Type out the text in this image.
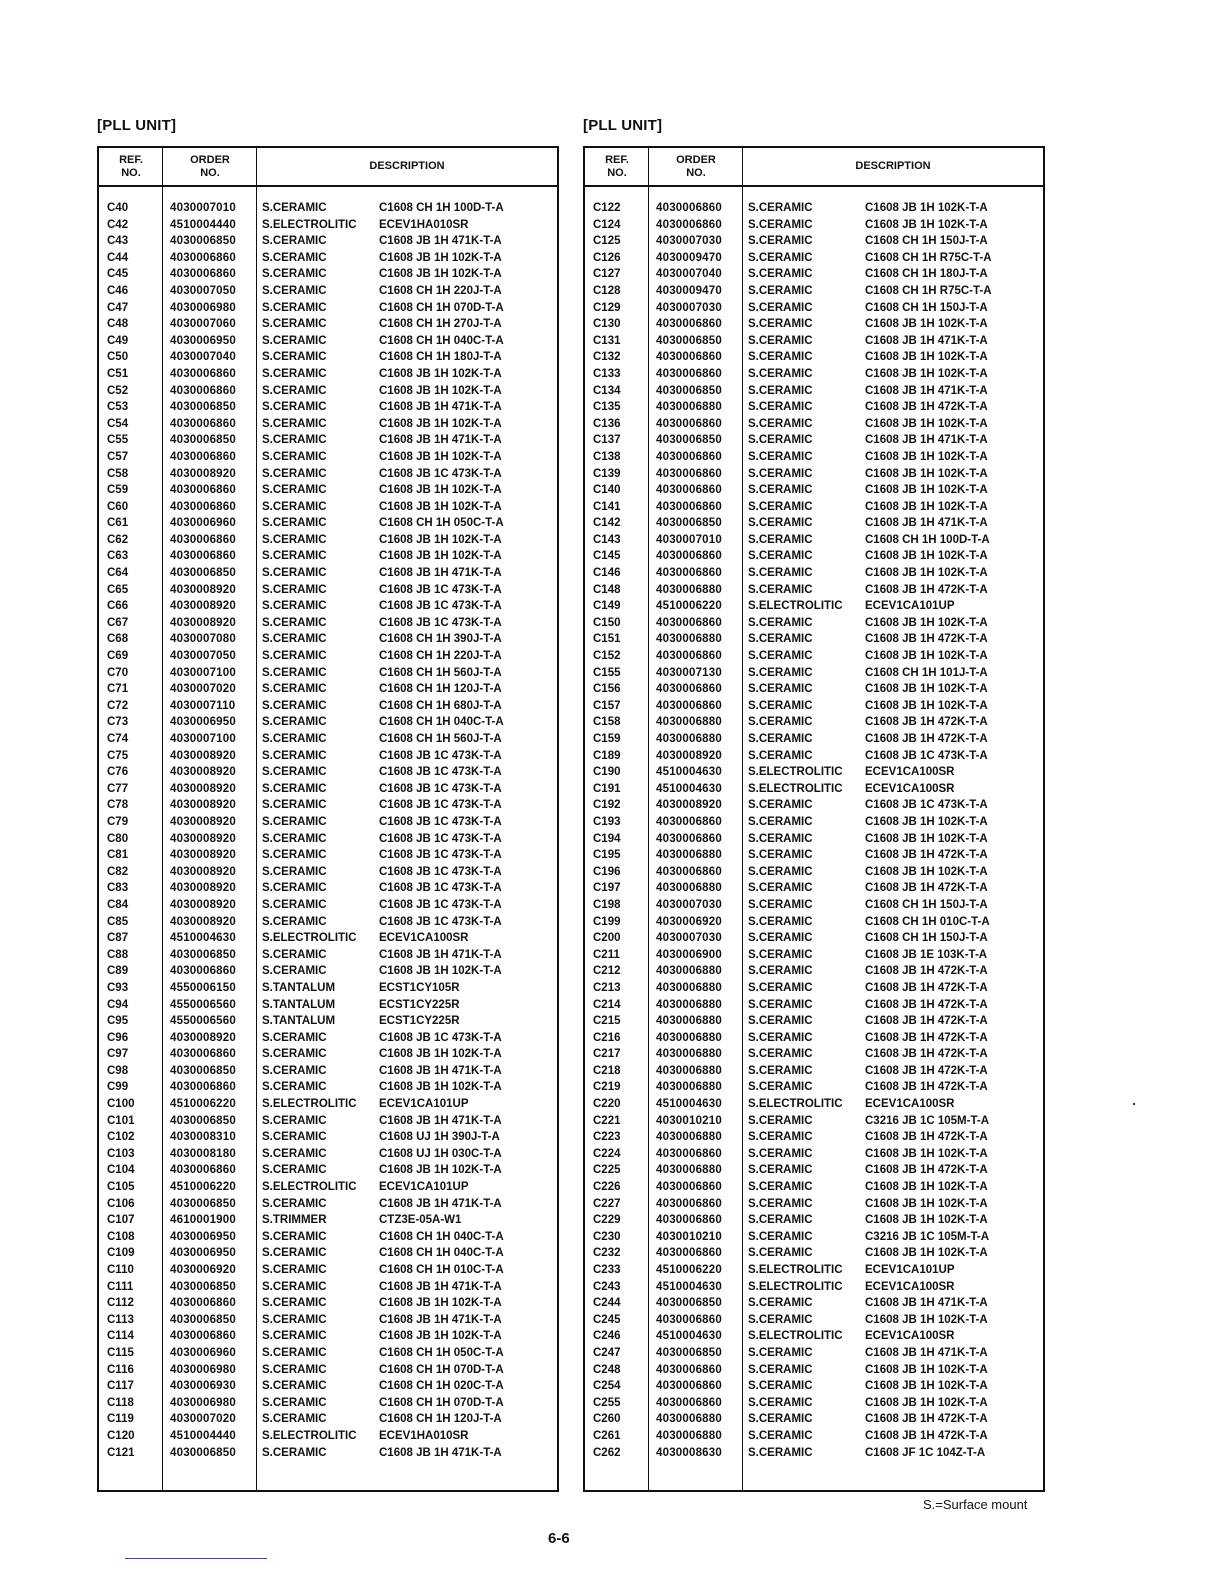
[PLL UNIT]	[PLL UNIT]
REF.
NO.
ORDER
NO.
DESCRIPTION
C40	4030007010 S.CERAMIC	C1608 CH 1H 100D-T-A
C42	4510004440 S.ELECTROLITIC ECEV1HA010SR
C43	4030006850 S.CERAMIC	C1608 JB 1H 471K-T-A
C44	4030006860 S.CERAMIC	C1608 JB 1H 102K-T-A
C45	4030006860 S.CERAMIC	C1608 JB 1H 102K-T-A
C46	4030007050 S.CERAMIC	C1608 CH 1H 220J-T-A
C47	4030006980 S.CERAMIC	C1608 CH 1H 070D-T-A
C48	4030007060 S.CERAMIC	C1608 CH 1H 270J-T-A
C49	4030006950 S.CERAMIC	C1608 CH 1H 040C-T-A
C50	4030007040 S.CERAMIC	C1608 CH 1H 180J-T-A
C51	4030006860 S.CERAMIC	C1608 JB 1H 102K-T-A
C52	4030006860 S.CERAMIC	C1608 JB 1H 102K-T-A
C53	4030006850 S.CERAMIC	C1608 JB 1H 471K-T-A
C54	4030006860 S.CERAMIC	C1608 JB 1H 102K-T-A
C55	4030006850 S.CERAMIC	C1608 JB 1H 471K-T-A
C57	4030006860 S.CERAMIC	C1608 JB 1H 102K-T-A
C58	4030008920 S.CERAMIC	C1608 JB 1C 473K-T-A
C59	4030006860 S.CERAMIC	C1608 JB 1H 102K-T-A
C60	4030006860 S.CERAMIC	C1608 JB 1H 102K-T-A
C61	4030006960 S.CERAMIC	C1608 CH 1H 050C-T-A
C62	4030006860 S.CERAMIC	C1608 JB 1H 102K-T-A
C63	4030006860 S.CERAMIC	C1608 JB 1H 102K-T-A
C64	4030006850 S.CERAMIC	C1608 JB 1H 471K-T-A
C65	4030008920 S.CERAMIC	C1608 JB 1C 473K-T-A
C66	4030008920 S.CERAMIC	C1608 JB 1C 473K-T-A
C67	4030008920 S.CERAMIC	C1608 JB 1C 473K-T-A
C68	4030007080 S.CERAMIC	C1608 CH 1H 390J-T-A
C69	4030007050 S.CERAMIC	C1608 CH 1H 220J-T-A
C70	4030007100 S.CERAMIC	C1608 CH 1H 560J-T-A
C71	4030007020 S.CERAMIC	C1608 CH 1H 120J-T-A
C72	4030007110 S.CERAMIC	C1608 CH 1H 680J-T-A
C73	4030006950 S.CERAMIC	C1608 CH 1H 040C-T-A
C74	4030007100 S.CERAMIC	C1608 CH 1H 560J-T-A
C75	4030008920 S.CERAMIC	C1608 JB 1C 473K-T-A
C76	4030008920 S.CERAMIC	C1608 JB 1C 473K-T-A
C77	4030008920 S.CERAMIC	C1608 JB 1C 473K-T-A
C78	4030008920 S.CERAMIC	C1608 JB 1C 473K-T-A
C79	4030008920 S.CERAMIC	C1608 JB 1C 473K-T-A
C80	4030008920 S.CERAMIC	C1608 JB 1C 473K-T-A
C81	4030008920 S.CERAMIC	C1608 JB 1C 473K-T-A
C82	4030008920 S.CERAMIC	C1608 JB 1C 473K-T-A
C83	4030008920 S.CERAMIC	C1608 JB 1C 473K-T-A
C84	4030008920 S.CERAMIC	C1608 JB 1C 473K-T-A
C85	4030008920 S.CERAMIC	C1608 JB 1C 473K-T-A
C87	4510004630 S.ELECTROLITIC ECEV1CA100SR
C88	4030006850 S.CERAMIC	C1608 JB 1H 471K-T-A
C89	4030006860 S.CERAMIC	C1608 JB 1H 102K-T-A
C93	4550006150 S.TANTALUM	ECST1CY105R
C94	4550006560 S.TANTALUM	ECST1CY225R
C95	4550006560 S.TANTALUM	ECST1CY225R
C96	4030008920 S.CERAMIC	C1608 JB 1C 473K-T-A
C97	4030006860 S.CERAMIC	C1608 JB 1H 102K-T-A
C98	4030006850 S.CERAMIC	C1608 JB 1H 471K-T-A
C99	4030006860 S.CERAMIC	C1608 JB 1H 102K-T-A
C100	4510006220 S.ELECTROLITIC ECEV1CA101UP
C101	4030006850 S.CERAMIC	C1608 JB 1H 471K-T-A
C102	4030008310 S.CERAMIC	C1608 UJ 1H 390J-T-A
C103	4030008180 S.CERAMIC	C1608 UJ 1H 030C-T-A
C104	4030006860 S.CERAMIC	C1608 JB 1H 102K-T-A
C105	4510006220 S.ELECTROLITIC ECEV1CA101UP
C106	4030006850 S.CERAMIC	C1608 JB 1H 471K-T-A
C107	4610001900 S.TRIMMER	CTZ3E-05A-W1
C108	4030006950 S.CERAMIC	C1608 CH 1H 040C-T-A
C109	4030006950 S.CERAMIC	C1608 CH 1H 040C-T-A
C110	4030006920 S.CERAMIC	C1608 CH 1H 010C-T-A
C111	4030006850 S.CERAMIC	C1608 JB 1H 471K-T-A
C112	4030006860 S.CERAMIC	C1608 JB 1H 102K-T-A
C113	4030006850 S.CERAMIC	C1608 JB 1H 471K-T-A
C114	4030006860 S.CERAMIC	C1608 JB 1H 102K-T-A
C115	4030006960 S.CERAMIC	C1608 CH 1H 050C-T-A
C116	4030006980 S.CERAMIC	C1608 CH 1H 070D-T-A
C117	4030006930 S.CERAMIC	C1608 CH 1H 020C-T-A
C118	4030006980 S.CERAMIC	C1608 CH 1H 070D-T-A
C119	4030007020 S.CERAMIC	C1608 CH 1H 120J-T-A
C120	4510004440 S.ELECTROLITIC ECEV1HA010SR
C121	4030006850 S.CERAMIC	C1608 JB 1H 471K-T-A
REF.
NO.
ORDER
NO.
DESCRIPTION
C122	4030006860 S.CERAMIC	C1608 JB 1H 102K-T-A
C124	4030006860 S.CERAMIC	C1608 JB 1H 102K-T-A
C125	4030007030 S.CERAMIC	C1608 CH 1H 150J-T-A
C126	4030009470 S.CERAMIC	C1608 CH 1H R75C-T-A
C127	4030007040 S.CERAMIC	C1608 CH 1H 180J-T-A
C128	4030009470 S.CERAMIC	C1608 CH 1H R75C-T-A
C129	4030007030 S.CERAMIC	C1608 CH 1H 150J-T-A
C130	4030006860 S.CERAMIC	C1608 JB 1H 102K-T-A
C131	4030006850 S.CERAMIC	C1608 JB 1H 471K-T-A
C132	4030006860 S.CERAMIC	C1608 JB 1H 102K-T-A
C133	4030006860 S.CERAMIC	C1608 JB 1H 102K-T-A
C134	4030006850 S.CERAMIC	C1608 JB 1H 471K-T-A
C135	4030006880 S.CERAMIC	C1608 JB 1H 472K-T-A
C136	4030006860 S.CERAMIC	C1608 JB 1H 102K-T-A
C137	4030006850 S.CERAMIC	C1608 JB 1H 471K-T-A
C138	4030006860 S.CERAMIC	C1608 JB 1H 102K-T-A
C139	4030006860 S.CERAMIC	C1608 JB 1H 102K-T-A
C140	4030006860 S.CERAMIC	C1608 JB 1H 102K-T-A
C141	4030006860 S.CERAMIC	C1608 JB 1H 102K-T-A
C142	4030006850 S.CERAMIC	C1608 JB 1H 471K-T-A
C143	4030007010 S.CERAMIC	C1608 CH 1H 100D-T-A
C145	4030006860 S.CERAMIC	C1608 JB 1H 102K-T-A
C146	4030006860 S.CERAMIC	C1608 JB 1H 102K-T-A
C148	4030006880 S.CERAMIC	C1608 JB 1H 472K-T-A
C149	4510006220 S.ELECTROLITIC ECEV1CA101UP
C150	4030006860 S.CERAMIC	C1608 JB 1H 102K-T-A
C151	4030006880 S.CERAMIC	C1608 JB 1H 472K-T-A
C152	4030006860 S.CERAMIC	C1608 JB 1H 102K-T-A
C155	4030007130 S.CERAMIC	C1608 CH 1H 101J-T-A
C156	4030006860 S.CERAMIC	C1608 JB 1H 102K-T-A
C157	4030006860 S.CERAMIC	C1608 JB 1H 102K-T-A
C158	4030006880 S.CERAMIC	C1608 JB 1H 472K-T-A
C159	4030006880 S.CERAMIC	C1608 JB 1H 472K-T-A
C189	4030008920 S.CERAMIC	C1608 JB 1C 473K-T-A
C190	4510004630 S.ELECTROLITIC ECEV1CA100SR
C191	4510004630 S.ELECTROLITIC ECEV1CA100SR
C192	4030008920 S.CERAMIC	C1608 JB 1C 473K-T-A
C193	4030006860 S.CERAMIC	C1608 JB 1H 102K-T-A
C194	4030006860 S.CERAMIC	C1608 JB 1H 102K-T-A
C195	4030006880 S.CERAMIC	C1608 JB 1H 472K-T-A
C196	4030006860 S.CERAMIC	C1608 JB 1H 102K-T-A
C197	4030006880 S.CERAMIC	C1608 JB 1H 472K-T-A
C198	4030007030 S.CERAMIC	C1608 CH 1H 150J-T-A
C199	4030006920 S.CERAMIC	C1608 CH 1H 010C-T-A
C200	4030007030 S.CERAMIC	C1608 CH 1H 150J-T-A
C211	4030006900 S.CERAMIC	C1608 JB 1E 103K-T-A
C212	4030006880 S.CERAMIC	C1608 JB 1H 472K-T-A
C213	4030006880 S.CERAMIC	C1608 JB 1H 472K-T-A
C214	4030006880 S.CERAMIC	C1608 JB 1H 472K-T-A
C215	4030006880 S.CERAMIC	C1608 JB 1H 472K-T-A
C216	4030006880 S.CERAMIC	C1608 JB 1H 472K-T-A
C217	4030006880 S.CERAMIC	C1608 JB 1H 472K-T-A
C218	4030006880 S.CERAMIC	C1608 JB 1H 472K-T-A
C219	4030006880 S.CERAMIC	C1608 JB 1H 472K-T-A
C220	4510004630 S.ELECTROLITIC ECEV1CA100SR
C221	4030010210 S.CERAMIC	C3216 JB 1C 105M-T-A
C223	4030006880 S.CERAMIC	C1608 JB 1H 472K-T-A
C224	4030006860 S.CERAMIC	C1608 JB 1H 102K-T-A
C225	4030006880 S.CERAMIC	C1608 JB 1H 472K-T-A
C226	4030006860 S.CERAMIC	C1608 JB 1H 102K-T-A
C227	4030006860 S.CERAMIC	C1608 JB 1H 102K-T-A
C229	4030006860 S.CERAMIC	C1608 JB 1H 102K-T-A
C230	4030010210 S.CERAMIC	C3216 JB 1C 105M-T-A
C232	4030006860 S.CERAMIC	C1608 JB 1H 102K-T-A
C233	4510006220 S.ELECTROLITIC ECEV1CA101UP
C243	4510004630 S.ELECTROLITIC ECEV1CA100SR
C244	4030006850 S.CERAMIC	C1608 JB 1H 471K-T-A
C245	4030006860 S.CERAMIC	C1608 JB 1H 102K-T-A
C246	4510004630 S.ELECTROLITIC ECEV1CA100SR
C247	4030006850 S.CERAMIC	C1608 JB 1H 471K-T-A
C248	4030006860 S.CERAMIC	C1608 JB 1H 102K-T-A
C254	4030006860 S.CERAMIC	C1608 JB 1H 102K-T-A
C255	4030006860 S.CERAMIC	C1608 JB 1H 102K-T-A
C260	4030006880 S.CERAMIC	C1608 JB 1H 472K-T-A
C261	4030006880 S.CERAMIC	C1608 JB 1H 472K-T-A
C262	4030008630 S.CERAMIC	C1608 JF 1C 104Z-T-A
S.=Surface mount
6-6
